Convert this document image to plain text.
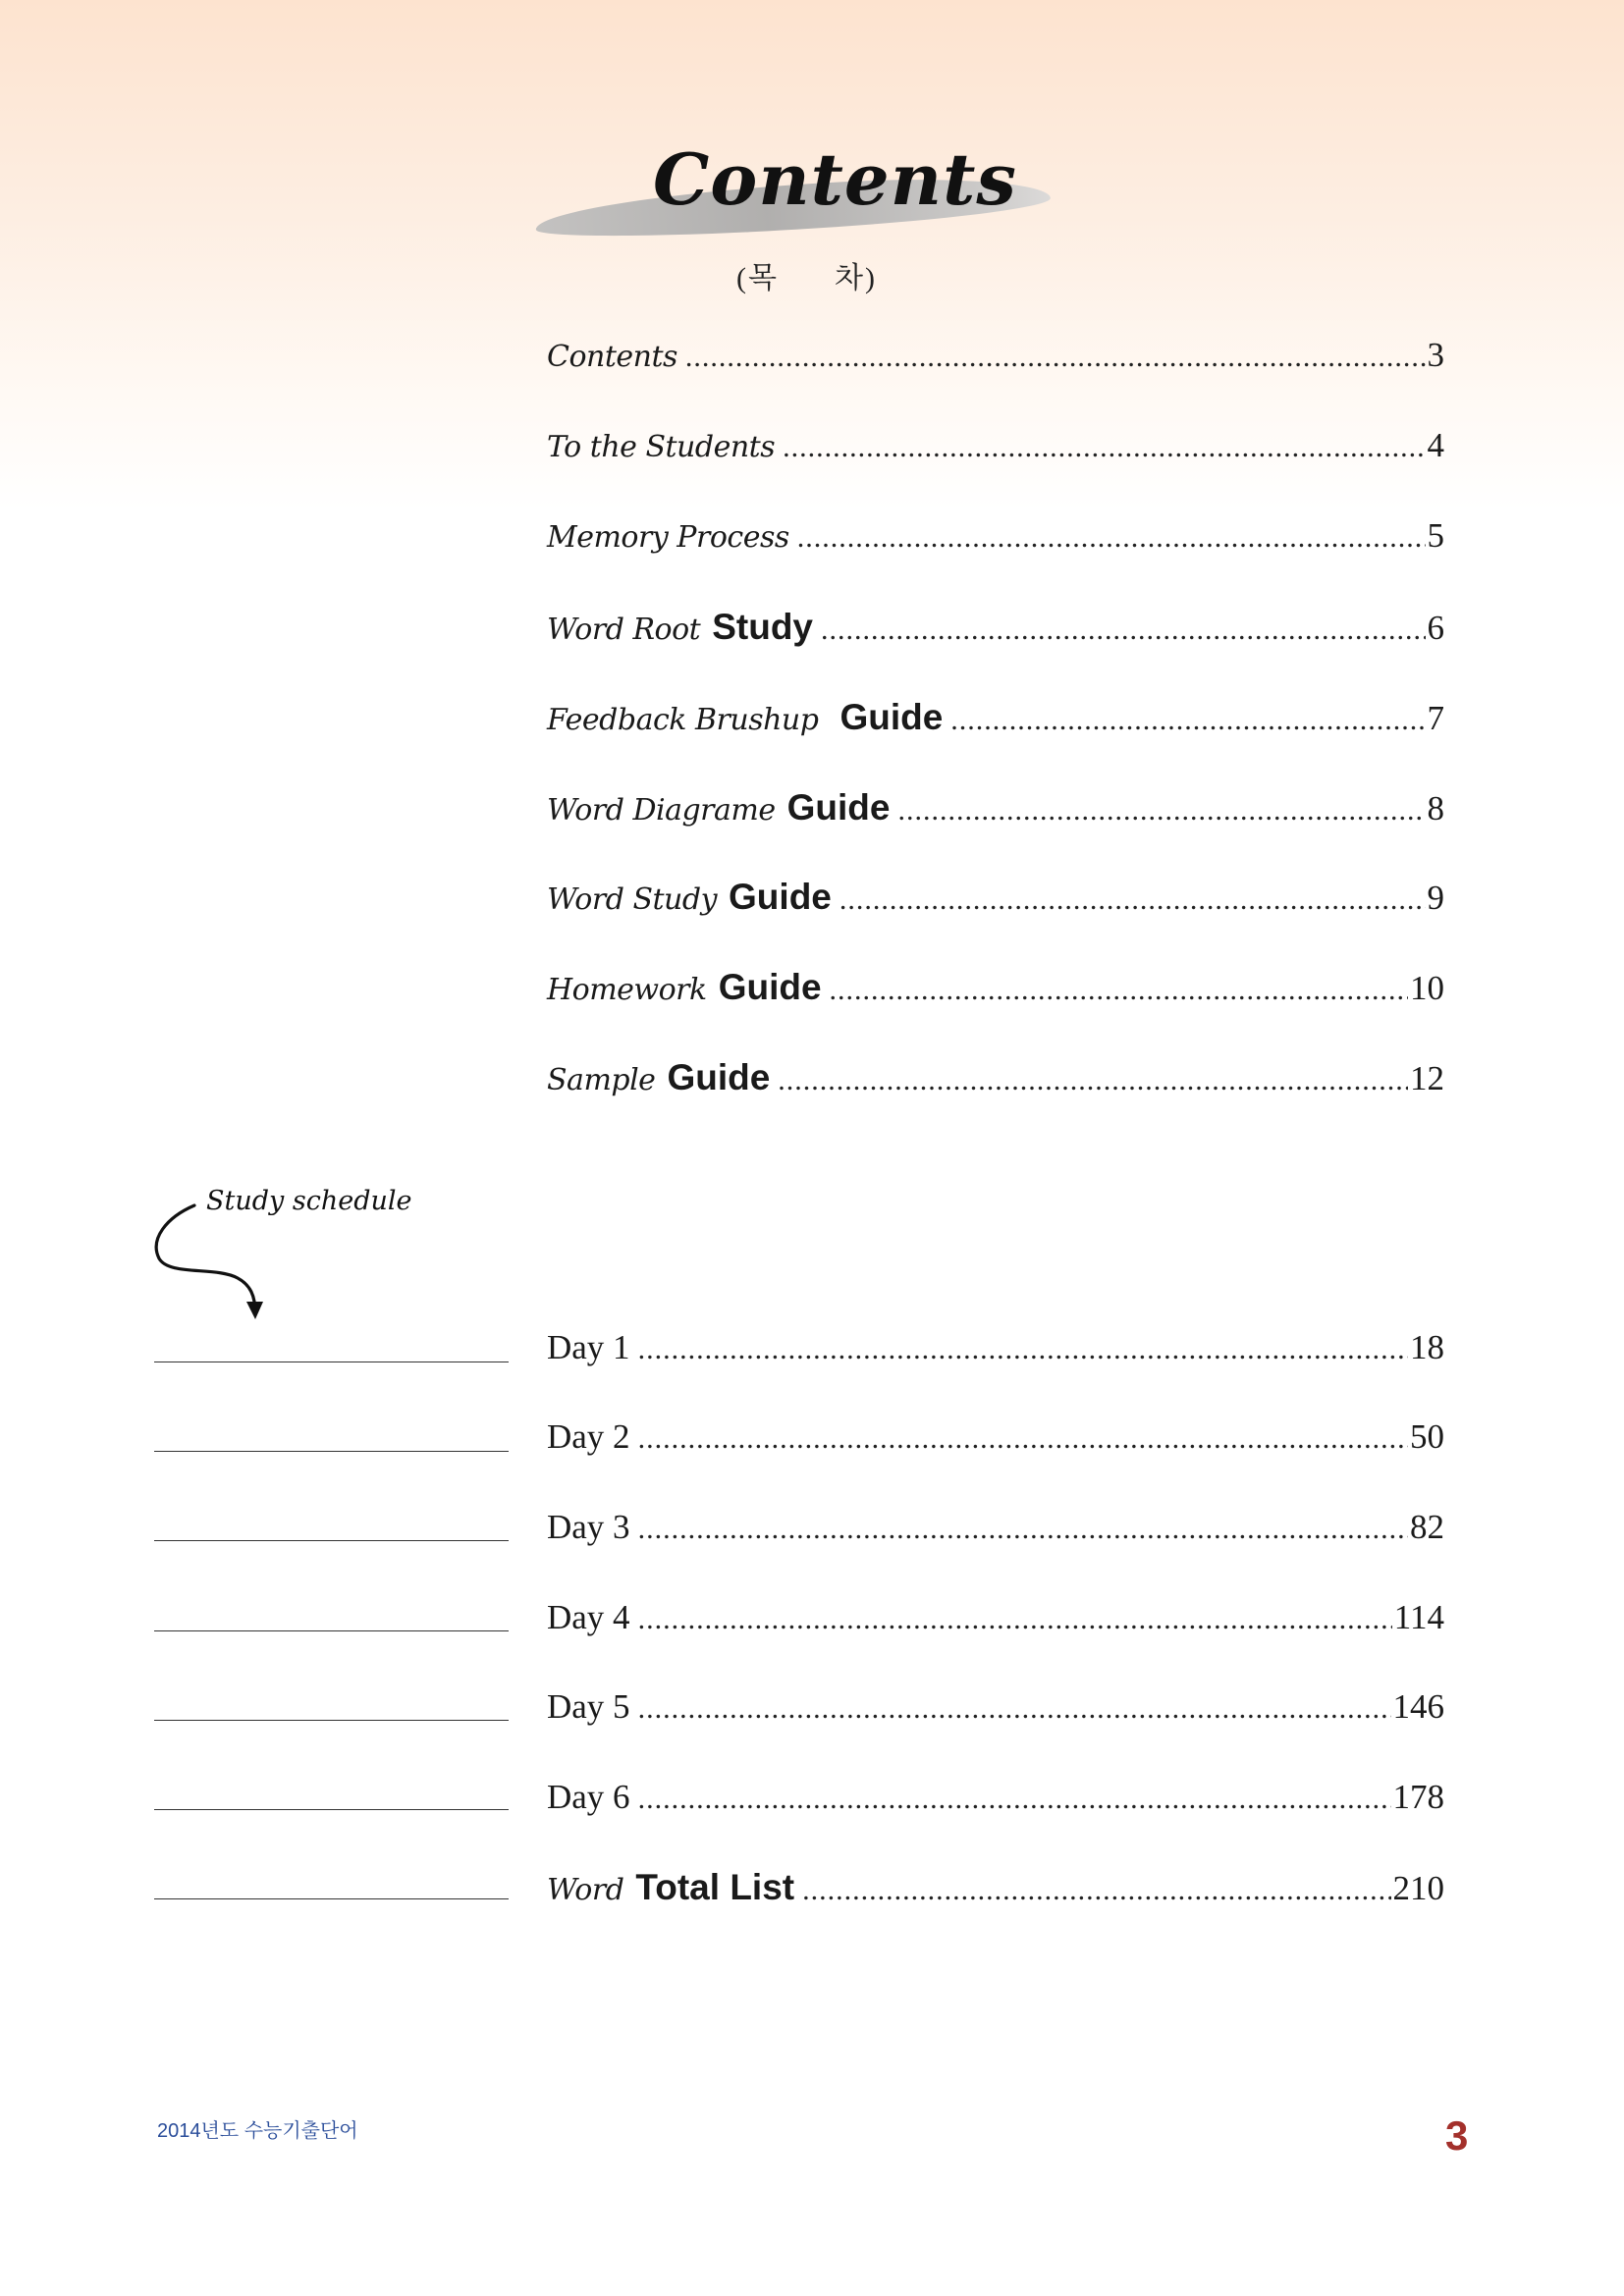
Contents
(목      차)
Contents .....	3
To the Students .....	4
Memory Process .....	5
Word Root Study .....	6
Feedback Brushup Guide .....	7
Word Diagrame Guide .....	8
Word Study Guide .....	9
Homework Guide .....	10
Sample Guide .....	12
Day 1 .....	18
Day 2 .....	50
Day 3 .....	82
Day 4 .....	114
Day 5 .....	146
Day 6 .....	178
Word Total List .....	210
Study schedule
2014년도 수능기출단어	3
